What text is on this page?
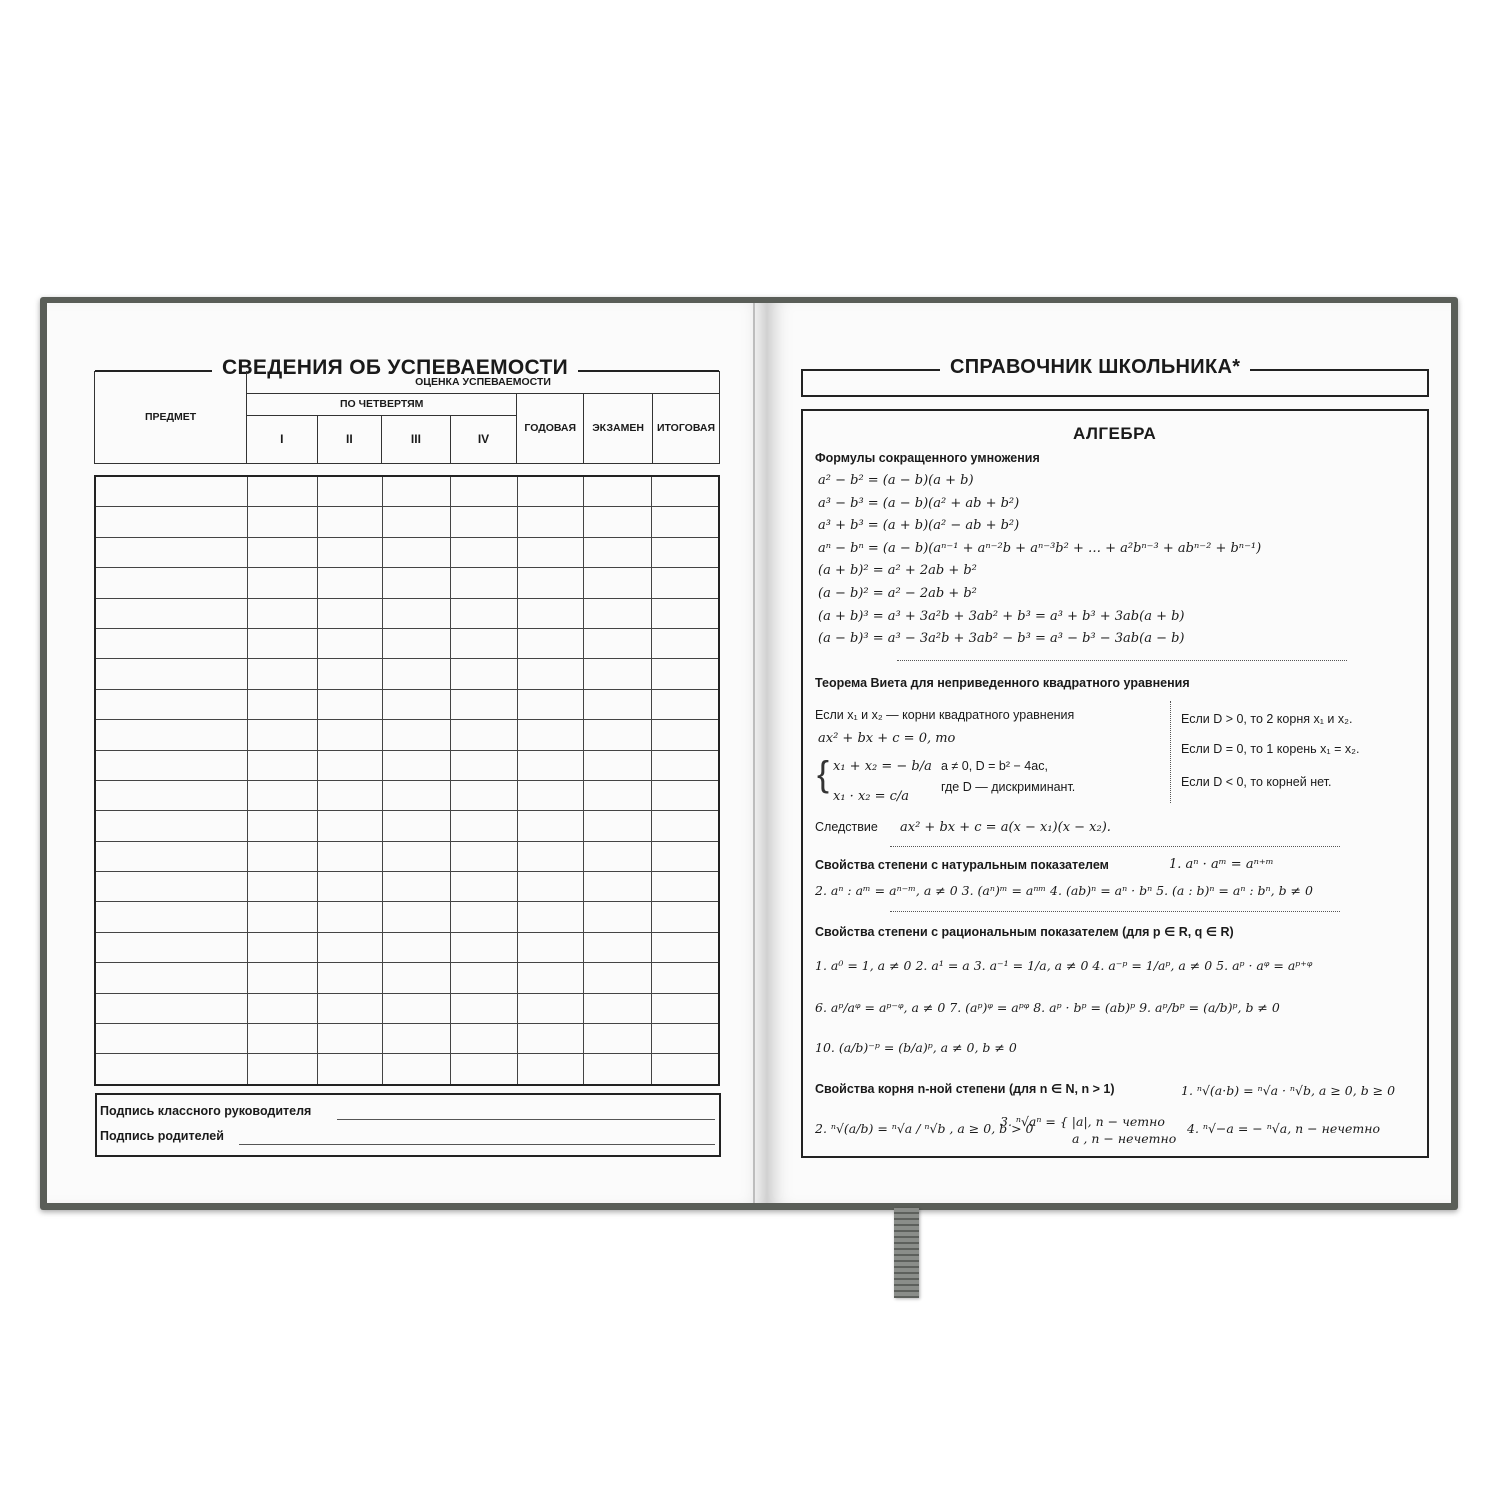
СВЕДЕНИЯ ОБ УСПЕВАЕМОСТИ
ПРЕДМЕТ	ОЦЕНКА УСПЕВАЕМОСТИ						
	ПО ЧЕТВЕРТЯМ				ГОДОВАЯ	ЭКЗАМЕН	ИТОГОВАЯ
	I	II	III	IV			

Подпись классного руководителя
Подпись родителей
СПРАВОЧНИК ШКОЛЬНИКА*
АЛГЕБРА
Формулы сокращенного умножения
a² − b² = (a − b)(a + b)
a³ − b³ = (a − b)(a² + ab + b²)
a³ + b³ = (a + b)(a² − ab + b²)
aⁿ − bⁿ = (a − b)(aⁿ⁻¹ + aⁿ⁻²b + aⁿ⁻³b² + … + a²bⁿ⁻³ + abⁿ⁻² + bⁿ⁻¹)
(a + b)² = a² + 2ab + b²
(a − b)² = a² − 2ab + b²
(a + b)³ = a³ + 3a²b + 3ab² + b³ = a³ + b³ + 3ab(a + b)
(a − b)³ = a³ − 3a²b + 3ab² − b³ = a³ − b³ − 3ab(a − b)
Теорема Виета для неприведенного квадратного уравнения
Если x₁ и x₂ — корни квадратного уравнения
ax² + bx + c = 0, то
{ x₁ + x₂ = − b/a
x₁ · x₂ = c/a
a ≠ 0, D = b² − 4ac,
где D — дискриминант.
Если D > 0, то 2 корня x₁ и x₂.
Если D = 0, то 1 корень x₁ = x₂.
Если D < 0, то корней нет.
Следствие ax² + bx + c = a(x − x₁)(x − x₂).
Свойства степени с натуральным показателем	1. aⁿ · aᵐ = aⁿ⁺ᵐ
2. aⁿ : aᵐ = aⁿ⁻ᵐ, a ≠ 0 3. (aⁿ)ᵐ = aⁿᵐ 4. (ab)ⁿ = aⁿ · bⁿ 5. (a : b)ⁿ = aⁿ : bⁿ, b ≠ 0
Свойства степени с рациональным показателем (для p ∈ R, q ∈ R)
1. a⁰ = 1, a ≠ 0 2. a¹ = a 3. a⁻¹ = 1/a, a ≠ 0 4. a⁻ᵖ = 1/aᵖ, a ≠ 0 5. aᵖ · aᵠ = aᵖ⁺ᵠ
6. aᵖ/aᵠ = aᵖ⁻ᵠ, a ≠ 0 7. (aᵖ)ᵠ = aᵖᵠ 8. aᵖ · bᵖ = (ab)ᵖ 9. aᵖ/bᵖ = (a/b)ᵖ, b ≠ 0
10. (a/b)⁻ᵖ = (b/a)ᵖ, a ≠ 0, b ≠ 0
Свойства корня n-ной степени (для n ∈ N, n > 1)	1. ⁿ√(a·b) = ⁿ√a · ⁿ√b, a ≥ 0, b ≥ 0
2. ⁿ√(a/b) = ⁿ√a / ⁿ√b , a ≥ 0, b > 0
3. ⁿ√aⁿ = { |a|, n − четно
a , n − нечетно
4. ⁿ√−a = − ⁿ√a, n − нечетно
